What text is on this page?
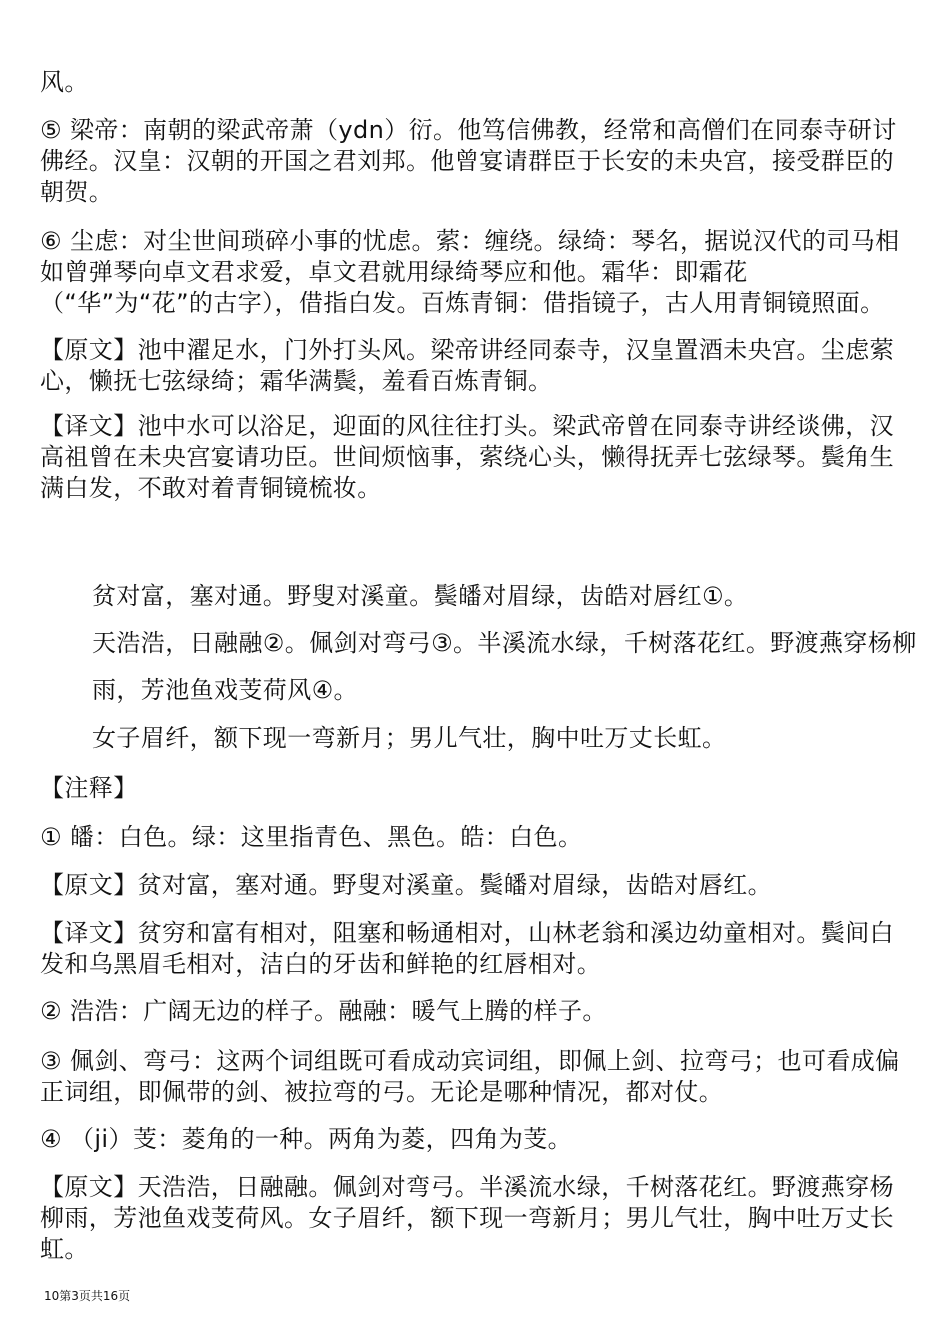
风。

⑤ 梁帝：南朝的梁武帝萧（ydn）衍。他笃信佛教，经常和高僧们在同泰寺研讨佛经。汉皇：汉朝的开国之君刘邦。他曾宴请群臣于长安的未央宫，接受群臣的朝贺。

⑥ 尘虑：对尘世间琐碎小事的忧虑。萦：缠绕。绿绮：琴名，据说汉代的司马相如曾弹琴向卓文君求爱，卓文君就用绿绮琴应和他。霜华：即霜花（“华”为“花”的古字），借指白发。百炼青铜：借指镜子，古人用青铜镜照面。

【原文】池中濯足水，门外打头风。梁帝讲经同泰寺，汉皇置酒未央宫。尘虑萦心，懒抚七弦绿绮；霜华满鬓，羞看百炼青铜。

【译文】池中水可以浴足，迎面的风往往打头。梁武帝曾在同泰寺讲经谈佛，汉高祖曾在未央宫宴请功臣。世间烦恼事，萦绕心头，懒得抚弄七弦绿琴。鬓角生满白发，不敢对着青铜镜梳妆。

贫对富，塞对通。野叟对溪童。鬓皤对眉绿，齿皓对唇红①。

天浩浩，日融融②。佩剑对弯弓③。半溪流水绿，千树落花红。野渡燕穿杨柳雨，芳池鱼戏芰荷风④。

女子眉纤，额下现一弯新月；男儿气壮，胸中吐万丈长虹。

【注释】

① 皤：白色。绿：这里指青色、黑色。皓：白色。

【原文】贫对富，塞对通。野叟对溪童。鬓皤对眉绿，齿皓对唇红。

【译文】贫穷和富有相对，阻塞和畅通相对，山林老翁和溪边幼童相对。鬓间白发和乌黑眉毛相对，洁白的牙齿和鲜艳的红唇相对。

② 浩浩：广阔无边的样子。融融：暖气上腾的样子。

③ 佩剑、弯弓：这两个词组既可看成动宾词组，即佩上剑、拉弯弓；也可看成偏正词组，即佩带的剑、被拉弯的弓。无论是哪种情况，都对仗。

④ （ji）芰：菱角的一种。两角为菱，四角为芰。

【原文】天浩浩，日融融。佩剑对弯弓。半溪流水绿，千树落花红。野渡燕穿杨柳雨，芳池鱼戏芰荷风。女子眉纤，额下现一弯新月；男儿气壮，胸中吐万丈长虹。

10第3页共16页
